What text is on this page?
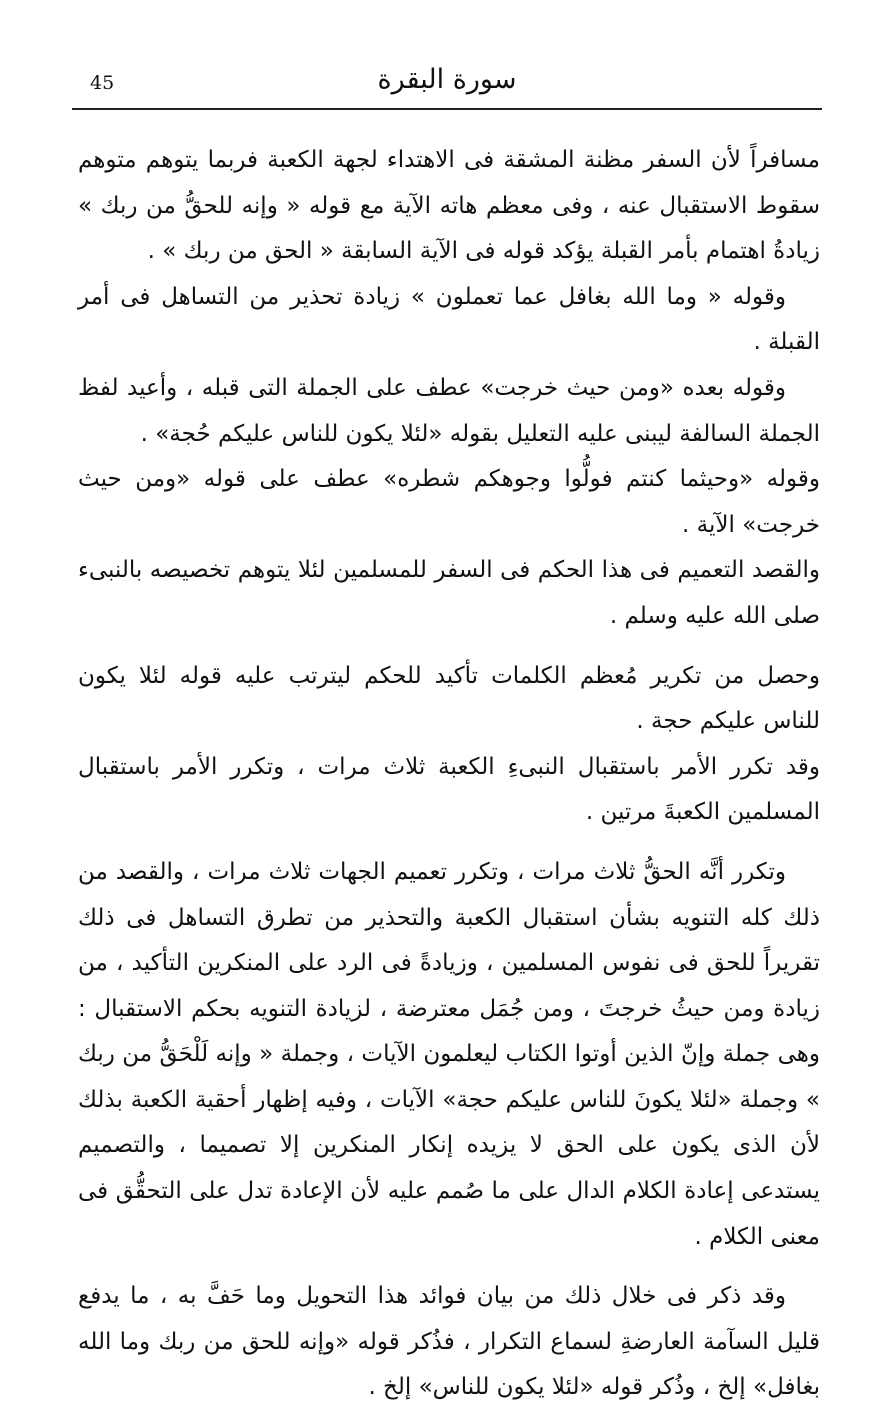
45	سورة البقرة

مسافراً لأن السفر مظنة المشقة فى الاهتداء لجهة الكعبة فربما يتوهم متوهم سقوط الاستقبال عنه ، وفى معظم هاته الآية مع قوله « وإنه للحقُّ من ربك » زيادةُ اهتمام بأمر القبلة يؤكد قوله فى الآية السابقة « الحق من ربك » .

وقوله « وما الله بغافل عما تعملون » زيادة تحذير من التساهل فى أمر القبلة .

وقوله بعده «ومن حيث خرجت» عطف على الجملة التى قبله ، وأعيد لفظ الجملة السالفة ليبنى عليه التعليل بقوله «لئلا يكون للناس عليكم حُجة» .

وقوله «وحيثما كنتم فولُّوا وجوهكم شطره» عطف على قوله «ومن حيث خرجت» الآية .

والقصد التعميم فى هذا الحكم فى السفر للمسلمين لئلا يتوهم تخصيصه بالنبىء صلى الله عليه وسلم .

وحصل من تكرير مُعظم الكلمات تأكيد للحكم ليترتب عليه قوله لئلا يكون للناس عليكم حجة .

وقد تكرر الأمر باستقبال النبىءِ الكعبة ثلاث مرات ، وتكرر الأمر باستقبال المسلمين الكعبةَ مرتين .

وتكرر أنَّه الحقُّ ثلاث مرات ، وتكرر تعميم الجهات ثلاث مرات ، والقصد من ذلك كله التنويه بشأن استقبال الكعبة والتحذير من تطرق التساهل فى ذلك تقريراً للحق فى نفوس المسلمين ، وزيادةً فى الرد على المنكرين التأكيد ، من زيادة ومن حيثُ خرجتَ ، ومن جُمَل معترضة ، لزيادة التنويه بحكم الاستقبال : وهى جملة وإنّ الذين أوتوا الكتاب ليعلمون الآيات ، وجملة « وإنه لَلْحَقُّ من ربك » وجملة «لئلا يكونَ للناس عليكم حجة» الآيات ، وفيه إظهار أحقية الكعبة بذلك لأن الذى يكون على الحق لا يزيده إنكار المنكرين إلا تصميما ، والتصميم يستدعى إعادة الكلام الدال على ما صُمم عليه لأن الإعادة تدل على التحقُّق فى معنى الكلام .

وقد ذكر فى خلال ذلك من بيان فوائد هذا التحويل وما حَفَّ به ، ما يدفع قليل السآمة العارضةِ لسماع التكرار ، فذُكر قوله «وإنه للحق من ربك وما الله بغافل» إلخ ، وذُكر قوله «لئلا يكون للناس» إلخ .
